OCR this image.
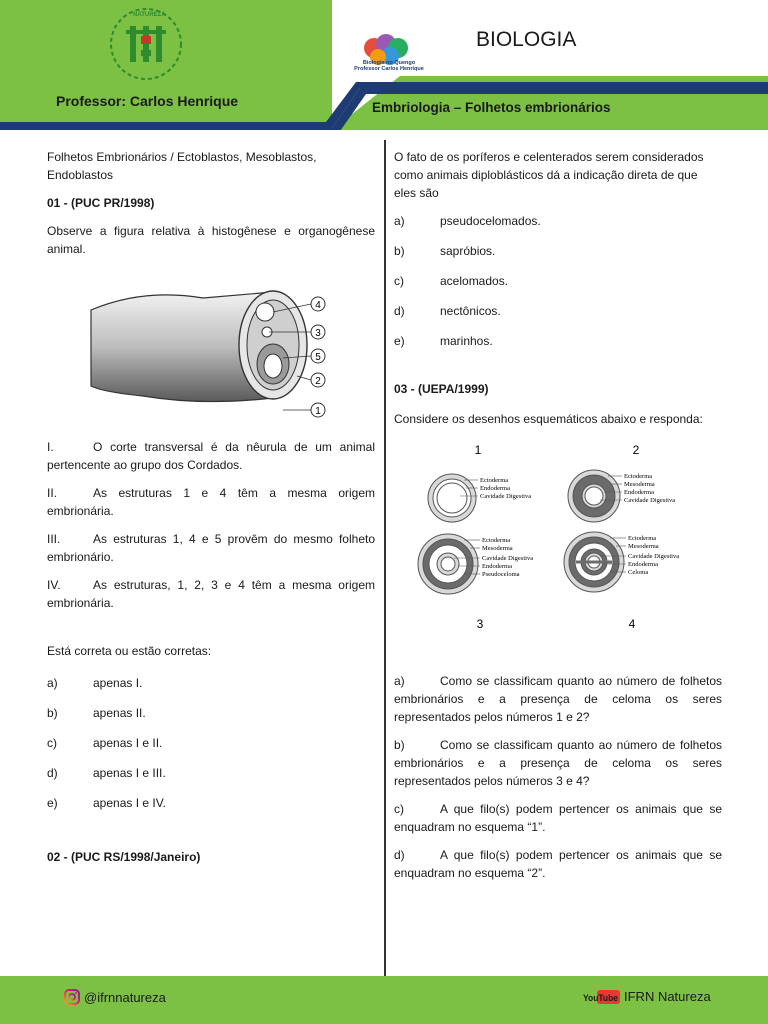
NATUREZA
Biologia no Quengo
Professor Carlos Henrique
BIOLOGIA
Professor: Carlos Henrique	Embriologia – Folhetos embrionários
Folhetos Embrionários / Ectoblastos, Mesoblastos, Endoblastos
01 - (PUC PR/1998)
Observe a figura relativa à histogênese e organogênese animal.
4
3
5
2
1
I.	O corte transversal é da nêurula de um animal pertencente ao grupo dos Cordados.
II.	As estruturas 1 e 4 têm a mesma origem embrionária.
III.	As estruturas 1, 4 e 5 provêm do mesmo folheto embrionário.
IV.	As estruturas, 1, 2, 3 e 4 têm a mesma origem embrionária.
Está correta ou estão corretas:
a)	apenas I.
b)	apenas II.
c)	apenas I e II.
d)	apenas I e III.
e)	apenas I e IV.
02 - (PUC RS/1998/Janeiro)
O fato de os poríferos e celenterados serem considerados como animais diploblásticos dá a indicação direta de que eles são
a)	pseudocelomados.
b)	sapróbios.
c)	acelomados.
d)	nectônicos.
e)	marinhos.
03 - (UEPA/1999)
Considere os desenhos esquemáticos abaixo e responda:
1	2
3	4
Ectoderma
Endoderma
Cavidade Digestiva
Ectoderma
Mesoderma
Endoderma
Cavidade Digestiva
Ectoderma
Mesoderma
Cavidade Digestiva
Endoderma
Pseudoceloma
Ectoderma
Mesoderma
Cavidade Digestiva
Endoderma
Celoma
a)	Como se classificam quanto ao número de folhetos embrionários e a presença de celoma os seres representados pelos números 1 e 2?
b)	Como se classificam quanto ao número de folhetos embrionários e a presença de celoma os seres representados pelos números 3 e 4?
c)	A que filo(s) podem pertencer os animais que se enquadram no esquema “1”.
d)	A que filo(s) podem pertencer os animais que se enquadram no esquema “2”.
@ifrnnatureza	YouTube IFRN Natureza
